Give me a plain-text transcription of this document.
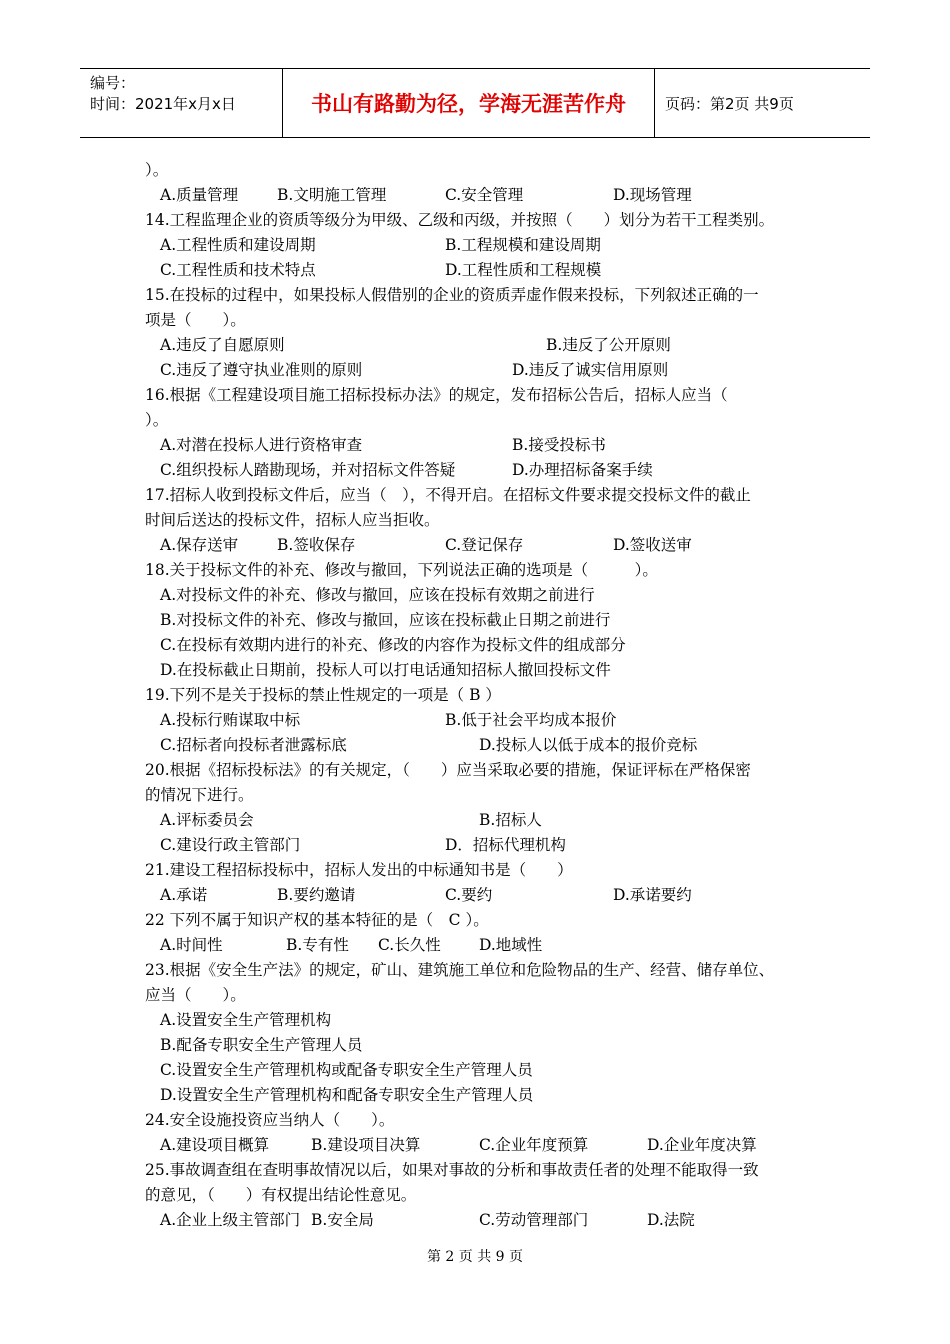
编号：
时间：2021年x月x日	书山有路勤为径，学海无涯苦作舟	页码：第2页 共9页
）。
A.质量管理	B.文明施工管理	C.安全管理	D.现场管理
14.工程监理企业的资质等级分为甲级、乙级和丙级，并按照（　　）划分为若干工程类别。
A.工程性质和建设周期	B.工程规模和建设周期
C.工程性质和技术特点	D.工程性质和工程规模
15.在投标的过程中，如果投标人假借别的企业的资质弄虚作假来投标，下列叙述正确的一
项是（　　）。
A.违反了自愿原则	B.违反了公开原则
C.违反了遵守执业准则的原则	D.违反了诚实信用原则
16.根据《工程建设项目施工招标投标办法》的规定，发布招标公告后，招标人应当（
）。
A.对潜在投标人进行资格审查	B.接受投标书
C.组织投标人踏勘现场，并对招标文件答疑	D.办理招标备案手续
17.招标人收到投标文件后，应当（　），不得开启。在招标文件要求提交投标文件的截止
时间后送达的投标文件，招标人应当拒收。
A.保存送审	B.签收保存	C.登记保存	D.签收送审
18.关于投标文件的补充、修改与撤回，下列说法正确的选项是（　　　）。
A.对投标文件的补充、修改与撤回，应该在投标有效期之前进行
B.对投标文件的补充、修改与撤回，应该在投标截止日期之前进行
C.在投标有效期内进行的补充、修改的内容作为投标文件的组成部分
D.在投标截止日期前，投标人可以打电话通知招标人撤回投标文件
19.下列不是关于投标的禁止性规定的一项是（ B ）
A.投标行贿谋取中标	B.低于社会平均成本报价
C.招标者向投标者泄露标底	D.投标人以低于成本的报价竞标
20.根据《招标投标法》的有关规定，（　　）应当采取必要的措施，保证评标在严格保密
的情况下进行。
A.评标委员会	B.招标人
C.建设行政主管部门	D．招标代理机构
21.建设工程招标投标中，招标人发出的中标通知书是（　　）
A.承诺	B.要约邀请	C.要约	D.承诺要约
22 下列不属于知识产权的基本特征的是（　C ）。
A.时间性	B.专有性 C.长久性 D.地域性
23.根据《安全生产法》的规定，矿山、建筑施工单位和危险物品的生产、经营、储存单位、
应当（　　）。
A.设置安全生产管理机构
B.配备专职安全生产管理人员
C.设置安全生产管理机构或配备专职安全生产管理人员
D.设置安全生产管理机构和配备专职安全生产管理人员
24.安全设施投资应当纳人（　　）。
A.建设项目概算	B.建设项目决算	C.企业年度预算	D.企业年度决算
25.事故调查组在查明事故情况以后，如果对事故的分析和事故责任者的处理不能取得一致
的意见，（　　）有权提出结论性意见。
A.企业上级主管部门 B.安全局	C.劳动管理部门	D.法院
第 2 页 共 9 页
